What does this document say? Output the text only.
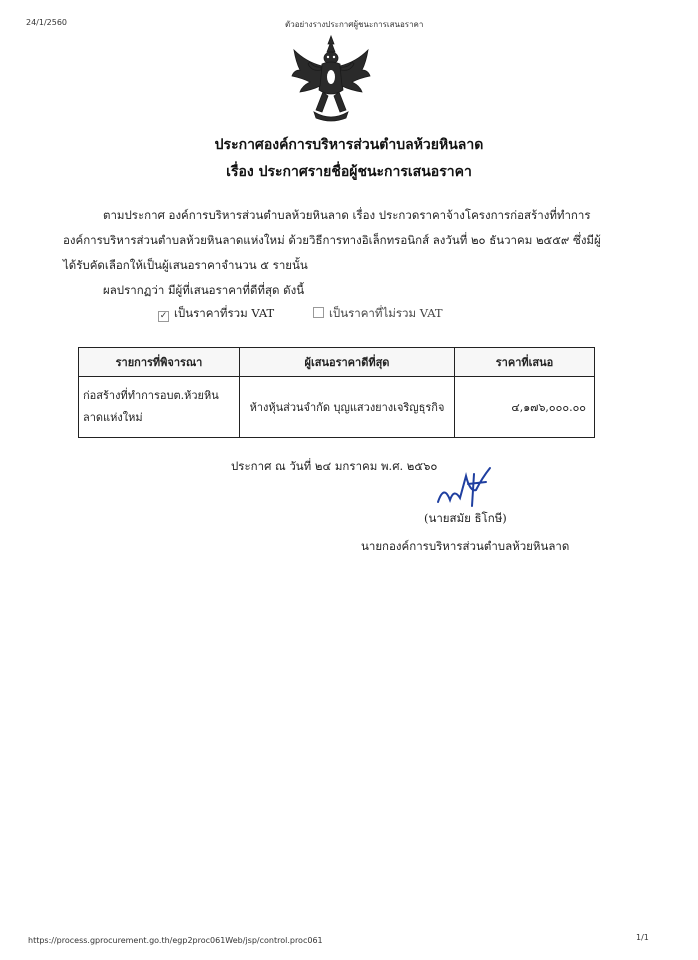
24/1/2560	ตัวอย่างรางประกาศผู้ชนะการเสนอราคา
ประกาศองค์การบริหารส่วนตำบลห้วยหินลาด
เรื่อง ประกาศรายชื่อผู้ชนะการเสนอราคา
ตามประกาศ องค์การบริหารส่วนตำบลห้วยหินลาด เรื่อง ประกวดราคาจ้างโครงการก่อสร้างที่ทำการ
องค์การบริหารส่วนตำบลห้วยหินลาดแห่งใหม่ ด้วยวิธีการทางอิเล็กทรอนิกส์ ลงวันที่ ๒๐ ธันวาคม ๒๕๕๙ ซึ่งมีผู้
ได้รับคัดเลือกให้เป็นผู้เสนอราคาจำนวน ๕ รายนั้น
ผลปรากฏว่า มีผู้ที่เสนอราคาที่ดีที่สุด ดังนี้
✓ เป็นราคาที่รวม VAT	เป็นราคาที่ไม่รวม VAT
รายการที่พิจารณา	ผู้เสนอราคาดีที่สุด	ราคาที่เสนอ
ก่อสร้างที่ทำการอบต.ห้วยหินลาดแห่งใหม่	ห้างหุ้นส่วนจำกัด บุญแสวงยางเจริญธุรกิจ	๔,๑๗๖,๐๐๐.๐๐
ประกาศ ณ วันที่ ๒๔ มกราคม พ.ศ. ๒๕๖๐
(นายสมัย ธิโกษี)
นายกองค์การบริหารส่วนตำบลห้วยหินลาด
https://process.gprocurement.go.th/egp2proc061Web/jsp/control.proc061	1/1
